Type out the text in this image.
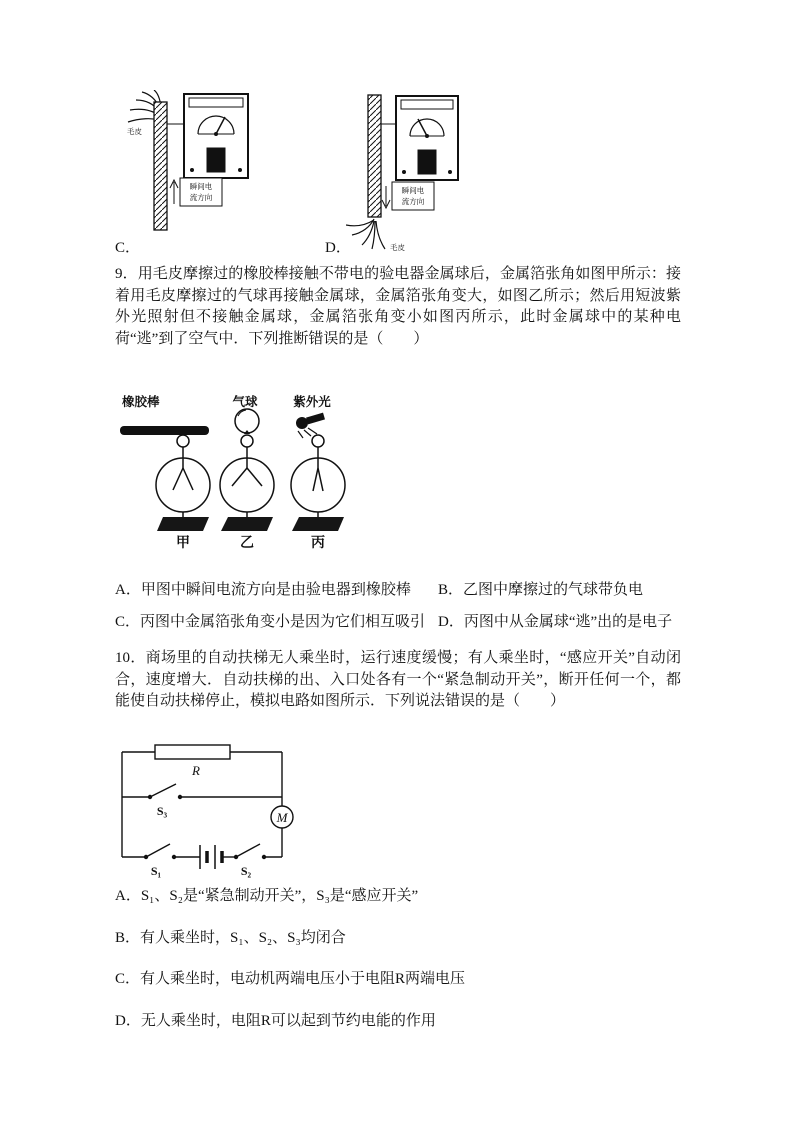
毛皮
瞬间电
流方向
毛皮
瞬间电
流方向
C．	D．

9．用毛皮摩擦过的橡胶棒接触不带电的验电器金属球后，金属箔张角如图甲所示：接着用毛皮摩擦过的气球再接触金属球，金属箔张角变大，如图乙所示；然后用短波紫外光照射但不接触金属球，金属箔张角变小如图丙所示，此时金属球中的某种电荷“逃”到了空气中．下列推断错误的是（　　）

橡胶棒
甲
气球
乙
紫外光
丙

A．甲图中瞬间电流方向是由验电器到橡胶棒	B．乙图中摩擦过的气球带负电

C．丙图中金属箔张角变小是因为它们相互吸引 D．丙图中从金属球“逃”出的是电子

10．商场里的自动扶梯无人乘坐时，运行速度缓慢；有人乘坐时，“感应开关”自动闭合，速度增大．自动扶梯的出、入口处各有一个“紧急制动开关”，断开任何一个，都能使自动扶梯停止，模拟电路如图所示．下列说法错误的是（　　）

R
S₃
S₁	S₂
M

A．S₁、S₂是“紧急制动开关”，S₃是“感应开关”

B．有人乘坐时，S₁、S₂、S₃均闭合

C．有人乘坐时，电动机两端电压小于电阻R两端电压

D．无人乘坐时，电阻R可以起到节约电能的作用
